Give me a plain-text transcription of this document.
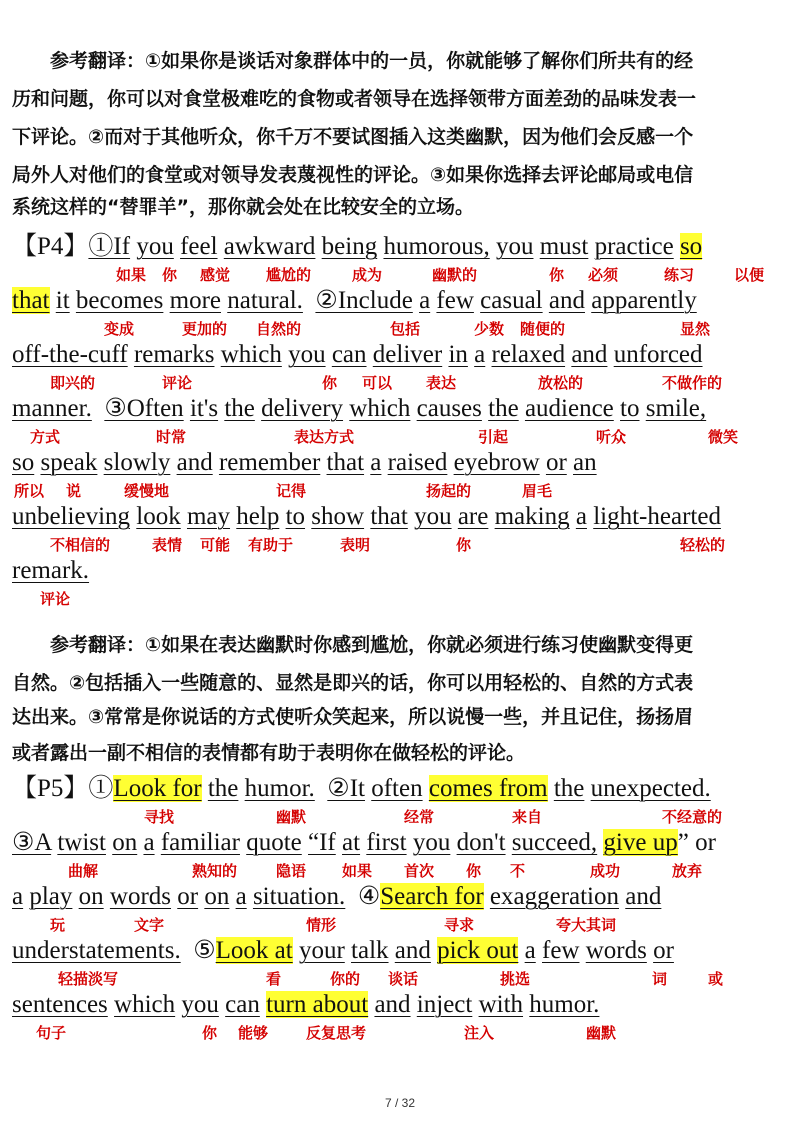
参考翻译：①如果你是谈话对象群体中的一员，你就能够了解你们所共有的经

历和问题，你可以对食堂极难吃的食物或者领导在选择领带方面差劲的品味发表一

下评论。②而对于其他听众，你千万不要试图插入这类幽默，因为他们会反感一个

局外人对他们的食堂或对领导发表蔑视性的评论。③如果你选择去评论邮局或电信

系统这样的“替罪羊”，那你就会处在比较安全的立场。

【P4】①If you feel awkward being humorous, you must practice so
that it becomes more natural. ②Include a few casual and apparently
off-the-cuff remarks which you can deliver in a relaxed and unforced
manner. ③Often it's the delivery which causes the audience to smile,
so speak slowly and remember that a raised eyebrow or an
unbelieving look may help to show that you are making a light-hearted
remark.
如果 你 感觉 尴尬的	成为	幽默的	你 必须	练习	以便
变成	更加的 自然的	包括	少数 随便的	显然
即兴的	评论	你 可以 表达	放松的	不做作的
方式	时常	表达方式	引起	听众	微笑
所以 说	缓慢地	记得	扬起的	眉毛
不相信的	表情 可能 有助于	表明	你	轻松的
评论

参考翻译：①如果在表达幽默时你感到尴尬，你就必须进行练习使幽默变得更

自然。②包括插入一些随意的、显然是即兴的话，你可以用轻松的、自然的方式表

达出来。③常常是你说话的方式使听众笑起来，所以说慢一些，并且记住，扬扬眉

或者露出一副不相信的表情都有助于表明你在做轻松的评论。

【P5】①Look for the humor. ②It often comes from the unexpected.
③A twist on a familiar quote “If at first you don't succeed, give up” or
a play on words or on a situation. ④Search for exaggeration and
understatements. ⑤Look at your talk and pick out a few words or
sentences which you can turn about and inject with humor.
寻找	幽默	经常	来自	不经意的
曲解	熟知的	隐语 如果 首次 你 不	成功	放弃
玩	文字	情形	寻求	夸大其词
轻描淡写	看	你的 谈话	挑选	词	或
句子	你 能够	反复思考	注入	幽默
7 / 32
